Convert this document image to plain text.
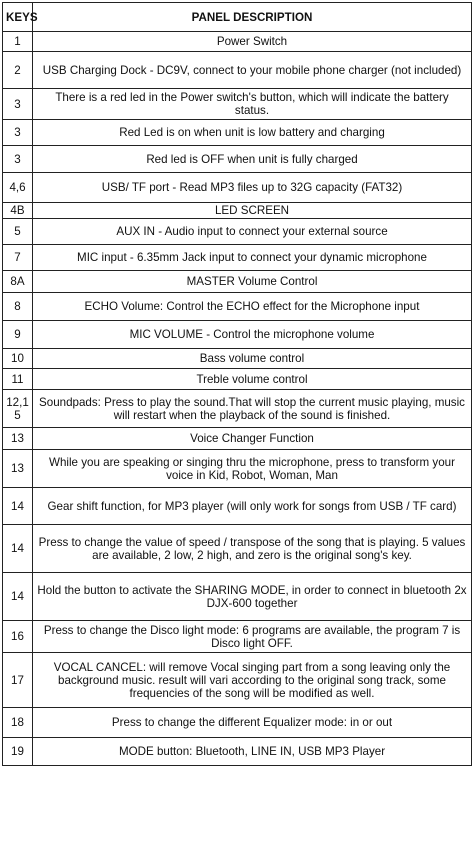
KEYS	PANEL DESCRIPTION
1	Power Switch
2	USB Charging Dock - DC9V, connect to your mobile phone charger (not included)
3	There is a red led in the Power switch's button, which will indicate the battery status.
3	Red Led is on when unit is low battery and charging
3	Red led is OFF when unit is fully charged
4,6	USB/ TF port - Read MP3 files up to 32G capacity (FAT32)
4B	LED SCREEN
5	AUX IN - Audio input to connect your external source
7	MIC input - 6.35mm Jack input to connect your dynamic microphone
8A	MASTER Volume Control
8	ECHO Volume: Control the ECHO effect for the Microphone input
9	MIC VOLUME - Control the microphone volume
10	Bass volume control
11	Treble volume control
12,15	Soundpads: Press to play the sound.That will stop the current music playing, music will restart when the playback of the sound is finished.
13	Voice Changer Function
13	While you are speaking or singing thru the microphone, press to transform your voice in Kid, Robot, Woman, Man
14	Gear shift function, for MP3 player (will only work for songs from USB / TF card)
14	Press to change the value of speed / transpose of the song that is playing. 5 values are available, 2 low, 2 high, and zero is the original song's key.
14	Hold the button to activate the SHARING MODE, in order to connect in bluetooth 2x DJX-600 together
16	Press to change the Disco light mode: 6 programs are available, the program 7 is Disco light OFF.
17	VOCAL CANCEL: will remove Vocal singing part from a song leaving only the background music. result will vari according to the original song track, some frequencies of the song will be modified as well.
18	Press to change the different Equalizer mode: in or out
19	MODE button: Bluetooth, LINE IN, USB MP3 Player
